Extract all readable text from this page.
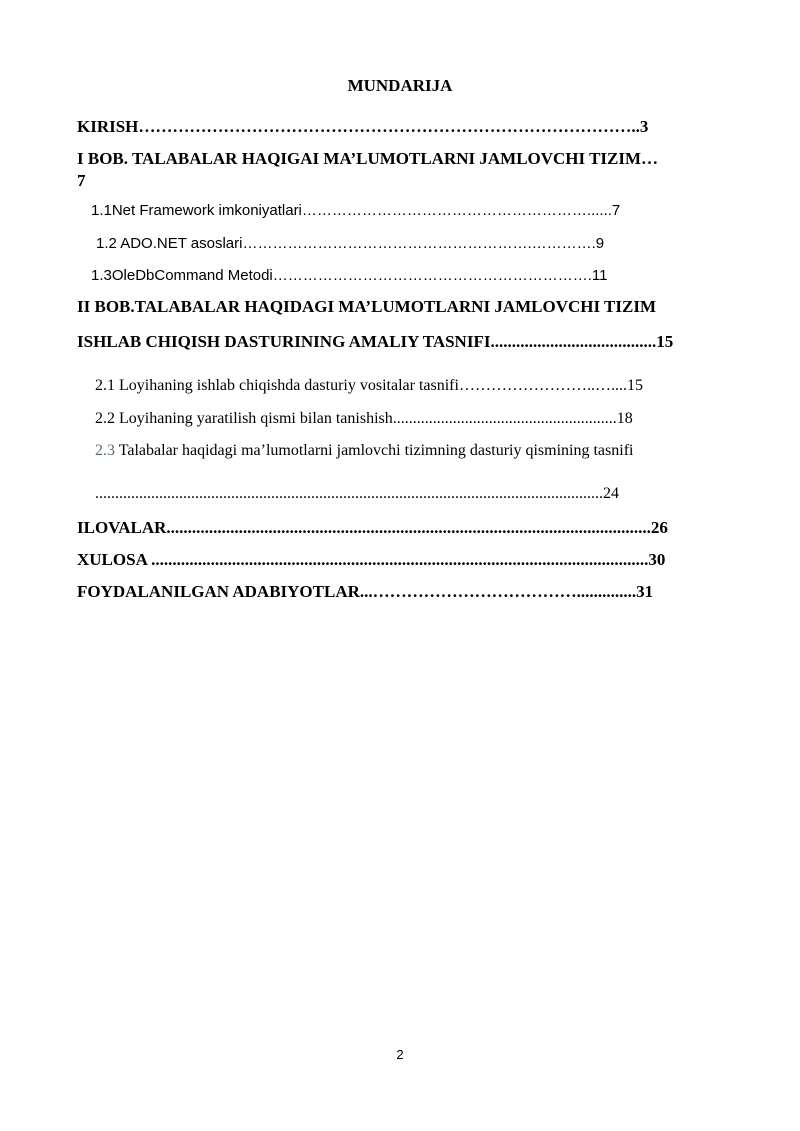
MUNDARIJA
KIRISH……………………………………………………………………………..3
I BOB. TALABALAR HAQIGAI MA’LUMOTLARNI JAMLOVCHI TIZIM…
7
1.1Net Framework imkoniyatlari…………………………………………………......7
1.2 ADO.NET asoslari………………………………………………….………….9
1.3OleDbCommand Metodi……………………………………………………….11
II BOB.TALABALAR HAQIDAGI MA’LUMOTLARNI JAMLOVCHI TIZIM
ISHLAB CHIQISH DASTURINING AMALIY TASNIFI.......................................15
2.1 Loyihaning ishlab chiqishda dasturiy vositalar tasnifi……………………..…....15
2.2 Loyihaning yaratilish qismi bilan tanishish........................................................18
2.3 Talabalar haqidagi ma’lumotlarni jamlovchi tizimning dasturiy qismining tasnifi
...............................................................................................................................24
ILOVALAR..................................................................................................................26
XULOSA .....................................................................................................................30
FOYDALANILGAN ADABIYOTLAR...………………………………..............31
2
